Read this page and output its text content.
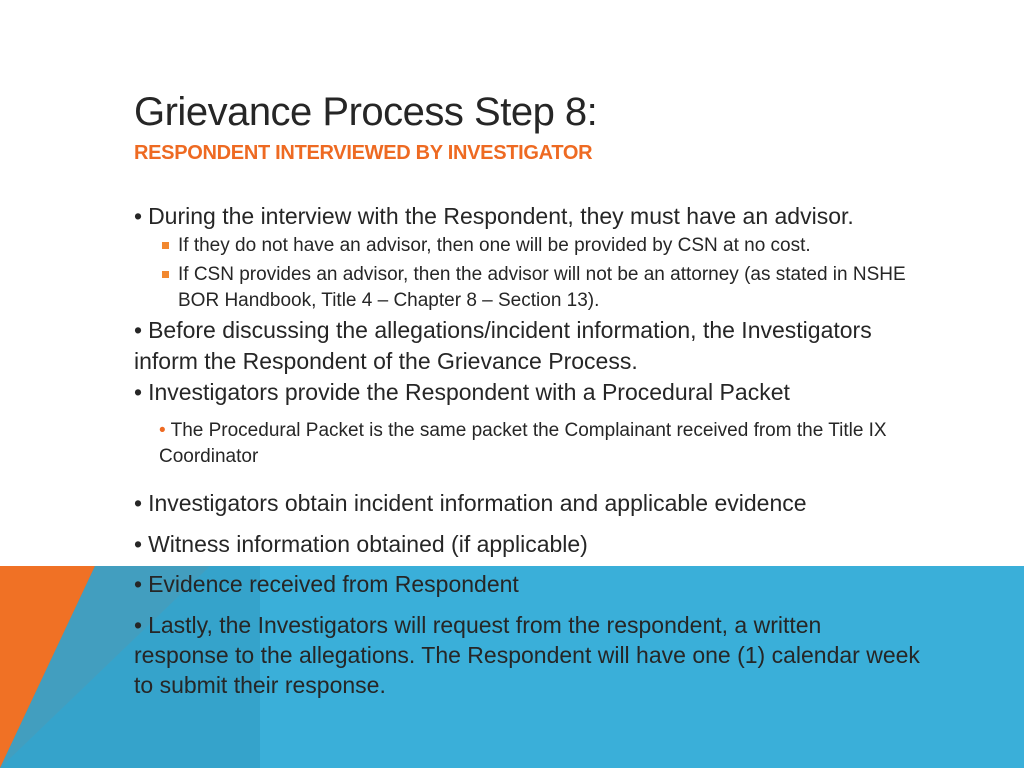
Grievance Process Step 8:
RESPONDENT INTERVIEWED BY INVESTIGATOR
• During the interview with the Respondent, they must have an advisor.
If they do not have an advisor, then one will be provided by CSN at no cost.
If CSN provides an advisor, then the advisor will not be an attorney (as stated in NSHE
BOR Handbook, Title 4 – Chapter 8 – Section 13).
• Before discussing the allegations/incident information, the Investigators
inform the Respondent of the Grievance Process.
• Investigators provide the Respondent with a Procedural Packet
• The Procedural Packet is the same packet the Complainant received from the Title IX
Coordinator
• Investigators obtain incident information and applicable evidence
• Witness information obtained (if applicable)
• Evidence received from Respondent
• Lastly, the Investigators will request from the respondent, a written
response to the allegations. The Respondent will have one (1) calendar week
to submit their response.
